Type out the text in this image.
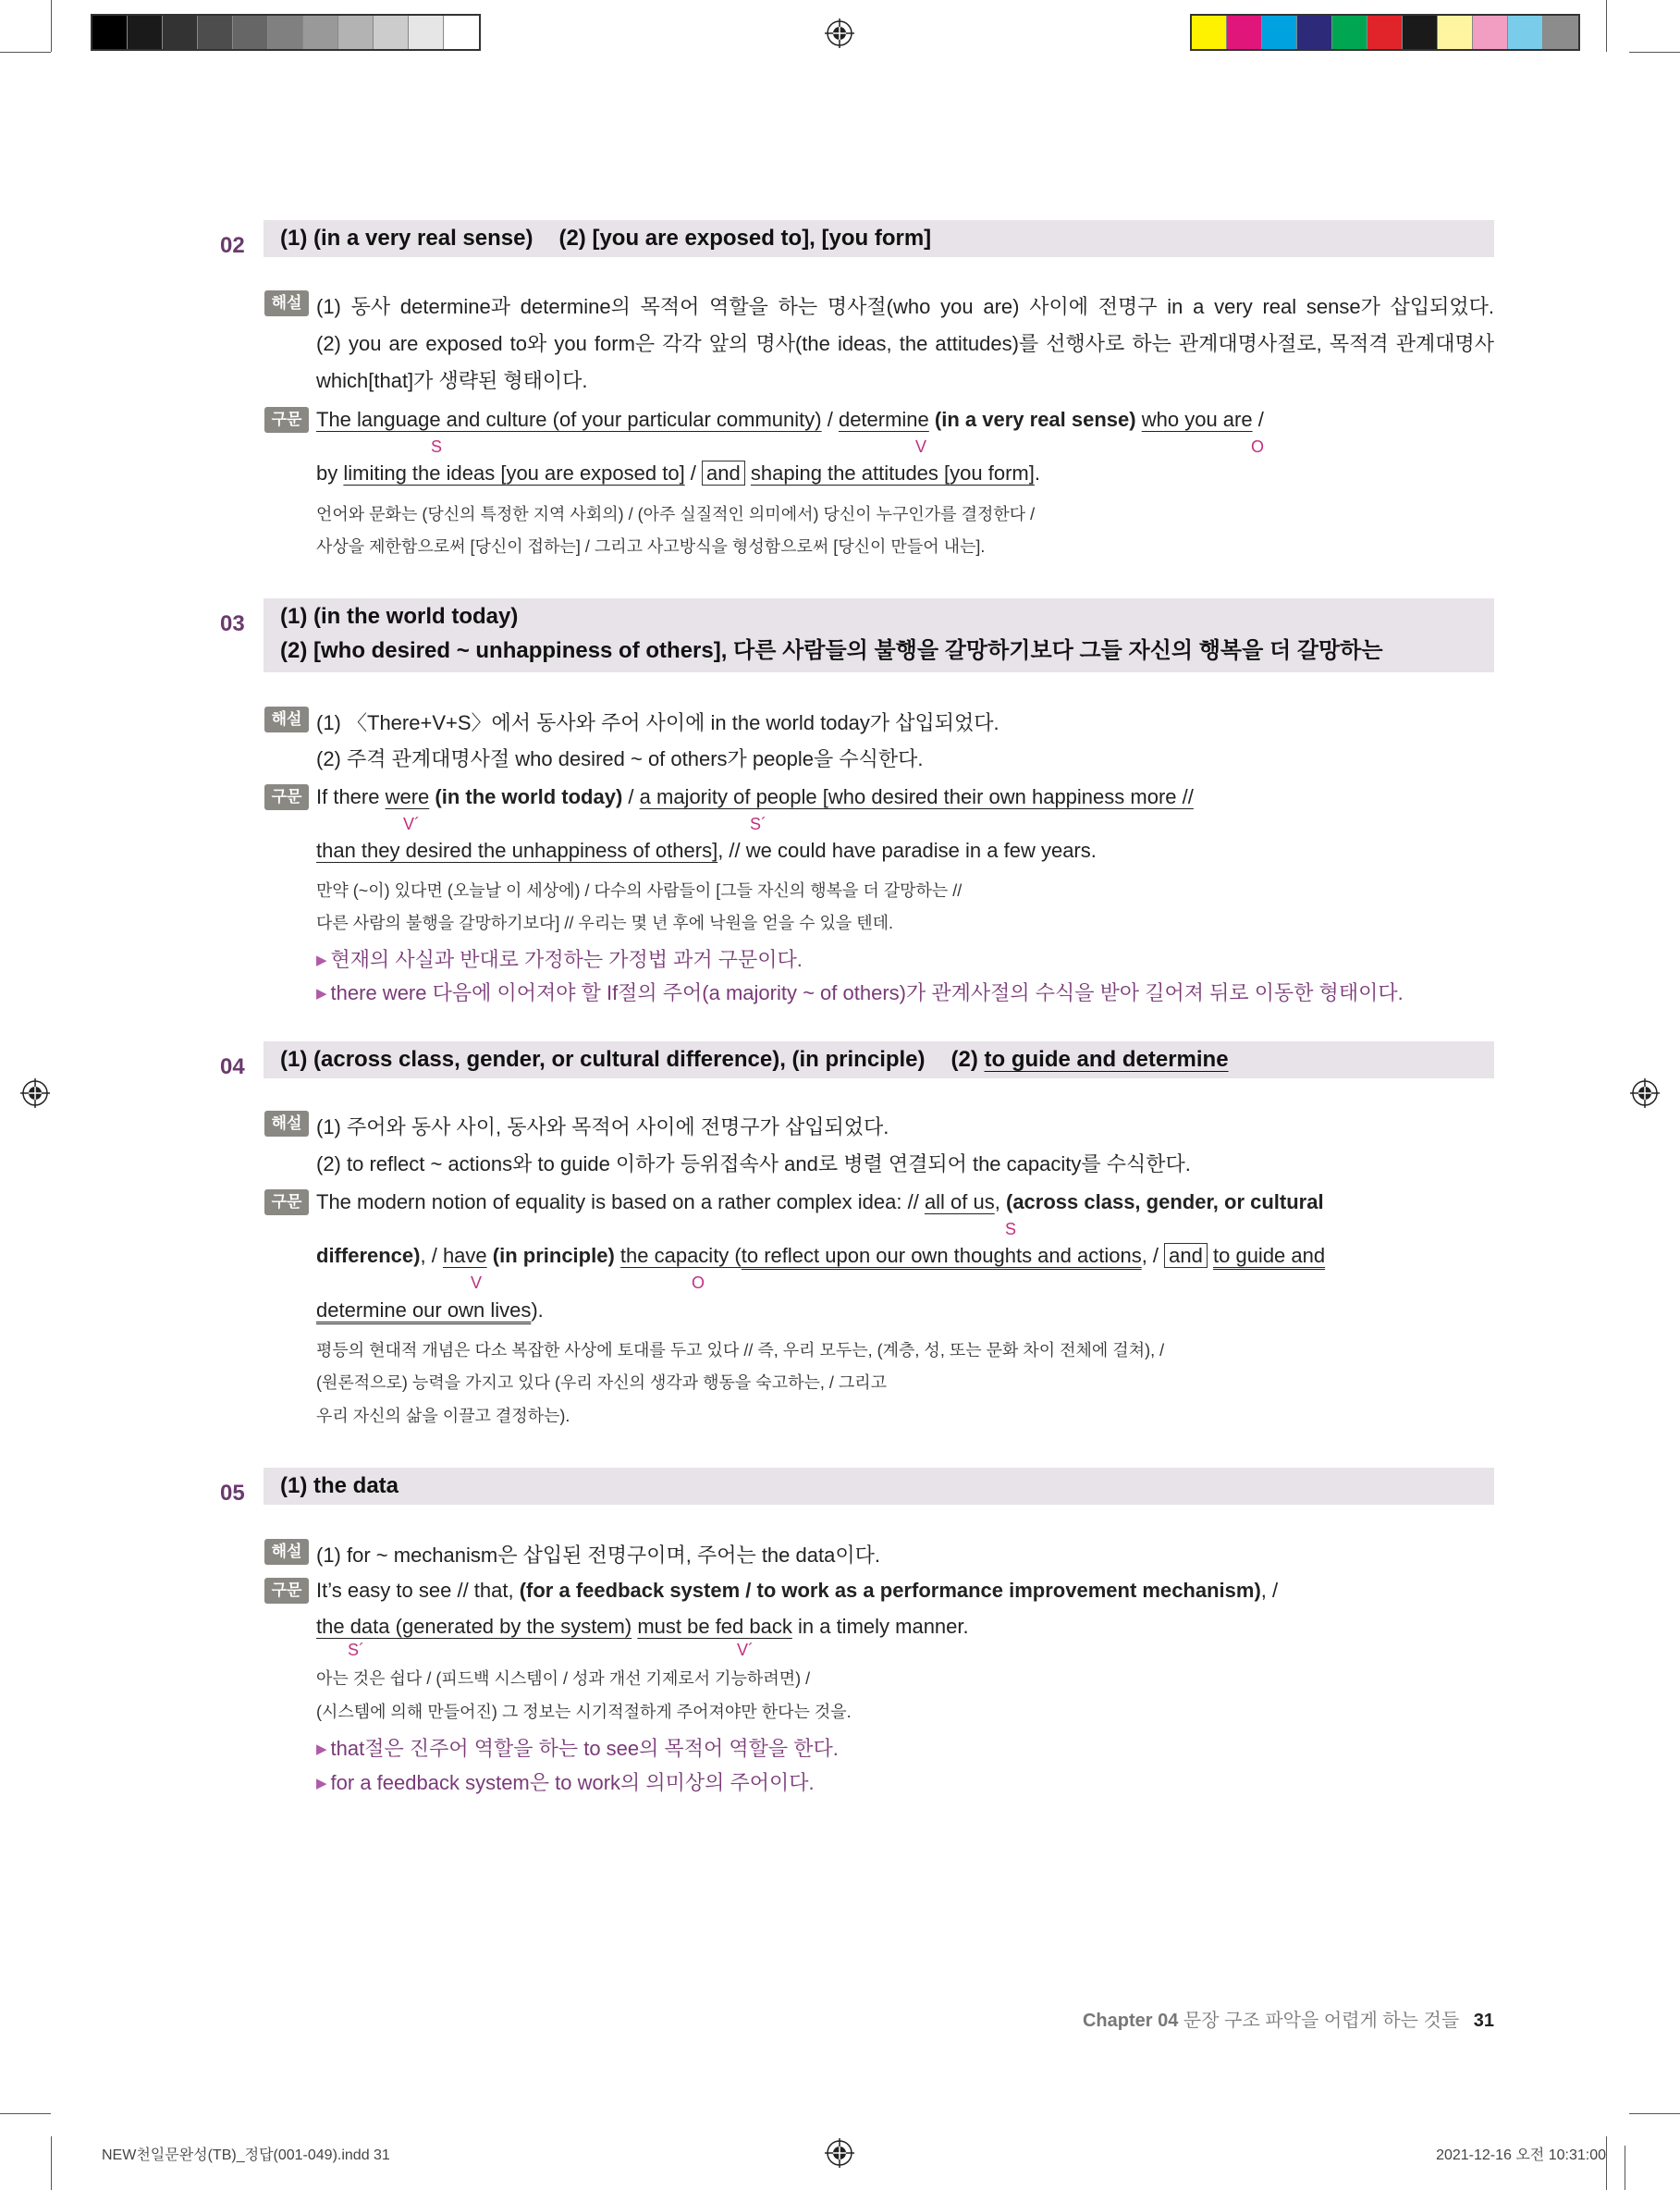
02 (1) (in a very real sense) (2) [you are exposed to], [you form]
해설 (1) 동사 determine과 determine의 목적어 역할을 하는 명사절(who you are) 사이에 전명구 in a very real sense가 삽입되었다.
(2) you are exposed to와 you form은 각각 앞의 명사(the ideas, the attitudes)를 선행사로 하는 관계대명사절로, 목적격 관계대명사
which[that]가 생략된 형태이다.
구문 The language and culture (of your particular community) / determine (in a very real sense) who you are /
S	V	O
by limiting the ideas [you are exposed to] / and shaping the attitudes [you form].
언어와 문화는 (당신의 특정한 지역 사회의) / (아주 실질적인 의미에서) 당신이 누구인가를 결정한다 /
사상을 제한함으로써 [당신이 접하는] / 그리고 사고방식을 형성함으로써 [당신이 만들어 내는].
03 (1) (in the world today)
(2) [who desired ~ unhappiness of others], 다른 사람들의 불행을 갈망하기보다 그들 자신의 행복을 더 갈망하는
해설 (1) 〈There+V+S〉에서 동사와 주어 사이에 in the world today가 삽입되었다.
(2) 주격 관계대명사절 who desired ~ of others가 people을 수식한다.
구문 If there were (in the world today) / a majority of people [who desired their own happiness more //
V´	S´
than they desired the unhappiness of others], // we could have paradise in a few years.
만약 (~이) 있다면 (오늘날 이 세상에) / 다수의 사람들이 [그들 자신의 행복을 더 갈망하는 //
다른 사람의 불행을 갈망하기보다] // 우리는 몇 년 후에 낙원을 얻을 수 있을 텐데.
▶ 현재의 사실과 반대로 가정하는 가정법 과거 구문이다.
▶ there were 다음에 이어져야 할 If절의 주어(a majority ~ of others)가 관계사절의 수식을 받아 길어져 뒤로 이동한 형태이다.
04 (1) (across class, gender, or cultural difference), (in principle) (2) to guide and determine
해설 (1) 주어와 동사 사이, 동사와 목적어 사이에 전명구가 삽입되었다.
(2) to reflect ~ actions와 to guide 이하가 등위접속사 and로 병렬 연결되어 the capacity를 수식한다.
구문 The modern notion of equality is based on a rather complex idea: // all of us, (across class, gender, or cultural
S
difference), / have (in principle) the capacity (to reflect upon our own thoughts and actions, / and to guide and
V	O
determine our own lives).
평등의 현대적 개념은 다소 복잡한 사상에 토대를 두고 있다 // 즉, 우리 모두는, (계층, 성, 또는 문화 차이 전체에 걸쳐), /
(원론적으로) 능력을 가지고 있다 (우리 자신의 생각과 행동을 숙고하는, / 그리고
우리 자신의 삶을 이끌고 결정하는).
05 (1) the data
해설 (1) for ~ mechanism은 삽입된 전명구이며, 주어는 the data이다.
구문 It’s easy to see // that, (for a feedback system / to work as a performance improvement mechanism), /
the data (generated by the system) must be fed back in a timely manner.
S´	V´
아는 것은 쉽다 / (피드백 시스템이 / 성과 개선 기제로서 기능하려면) /
(시스템에 의해 만들어진) 그 정보는 시기적절하게 주어져야만 한다는 것을.
▶ that절은 진주어 역할을 하는 to see의 목적어 역할을 한다.
▶ for a feedback system은 to work의 의미상의 주어이다.
Chapter 04 문장 구조 파악을 어렵게 하는 것들 31
NEW천일문완성(TB)_정답(001-049).indd 31	2021-12-16 오전 10:31:00
